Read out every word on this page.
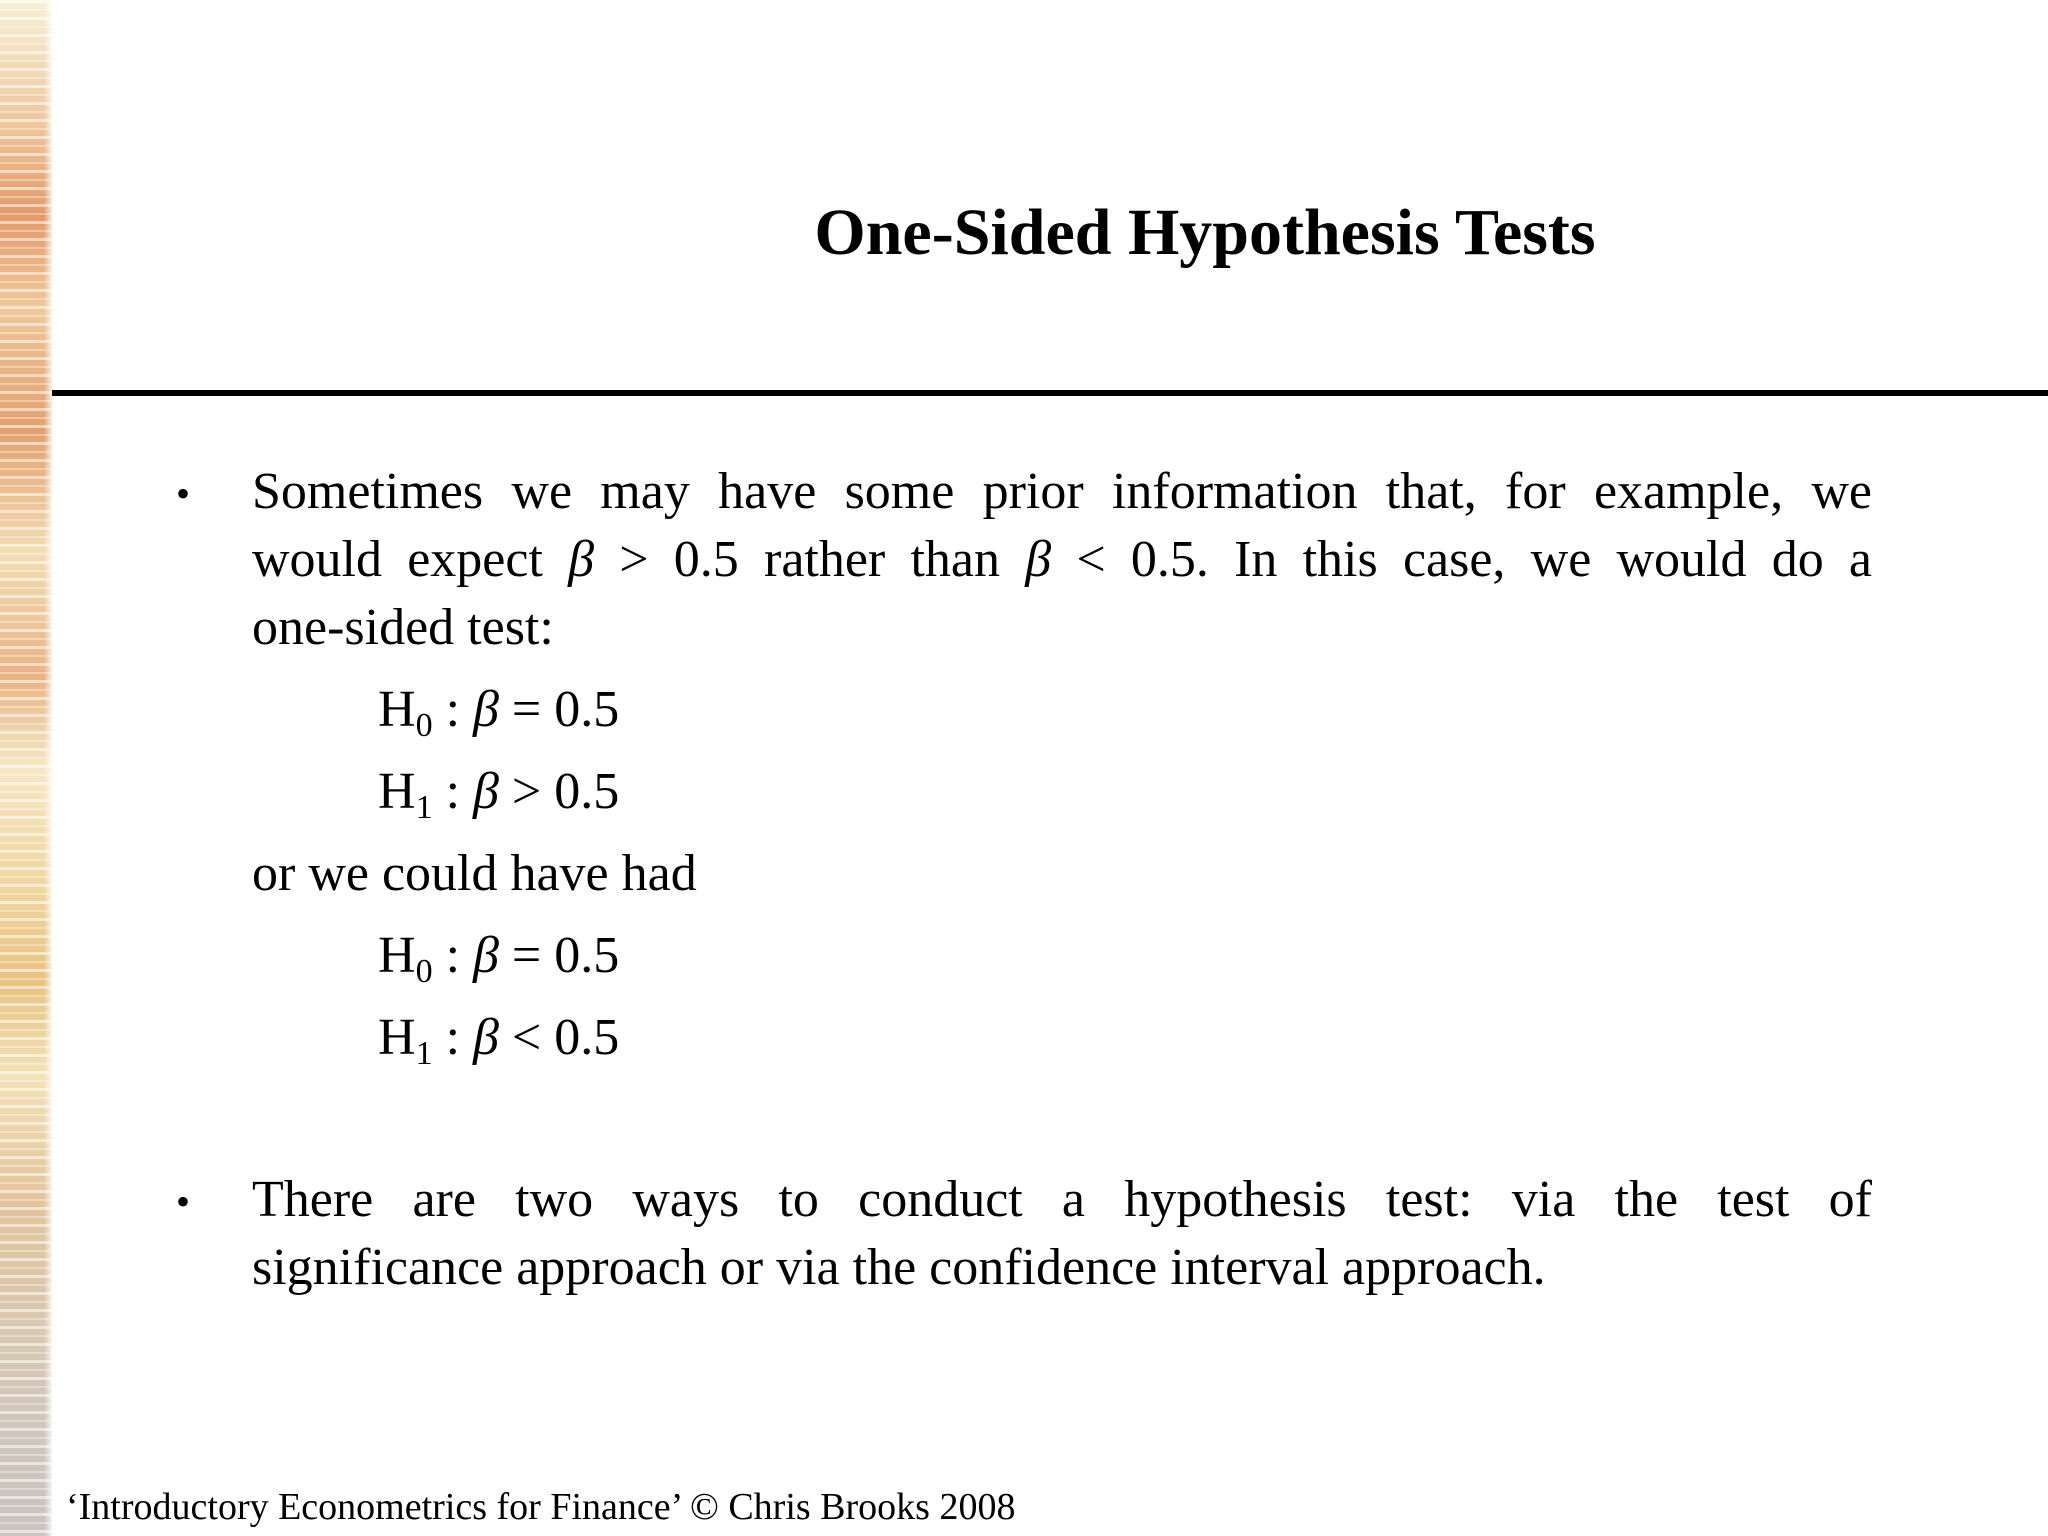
One-Sided Hypothesis Tests
• Sometimes we may have some prior information that, for example, we
would expect β > 0.5 rather than β < 0.5. In this case, we would do a
one-sided test:
$H_0$ : β = 0.5
$H_1$ : β > 0.5
or we could have had
$H_0$ : β = 0.5
$H_1$ : β < 0.5
• There are two ways to conduct a hypothesis test: via the test of
significance approach or via the confidence interval approach.
‘Introductory Econometrics for Finance’ © Chris Brooks 2008
